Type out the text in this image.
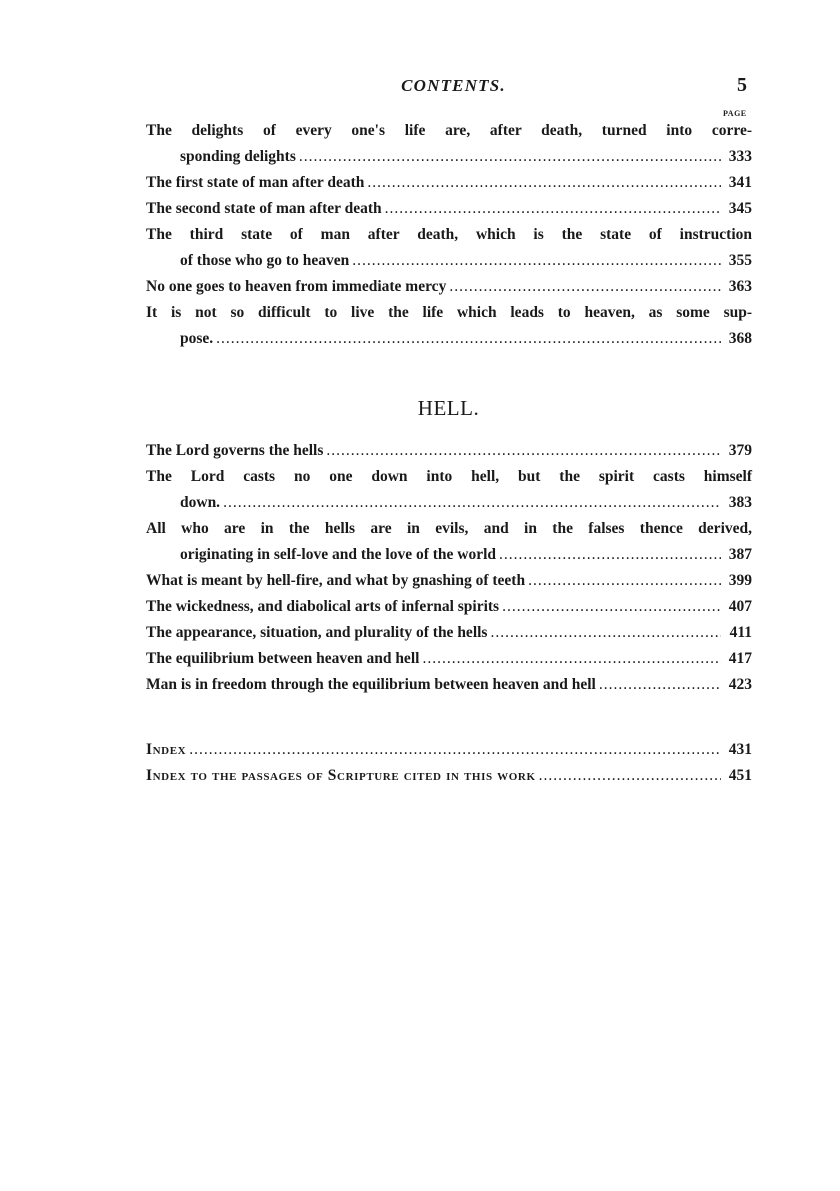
CONTENTS.	5
PAGE
The delights of every one's life are, after death, turned into corre-
sponding delights .....	333
The first state of man after death .....	341
The second state of man after death .....	345
The third state of man after death, which is the state of instruction
of those who go to heaven .....	355
No one goes to heaven from immediate mercy .....	363
It is not so difficult to live the life which leads to heaven, as some sup-
pose. .....	368
HELL.
The Lord governs the hells .....	379
The Lord casts no one down into hell, but the spirit casts himself
down. .....	383
All who are in the hells are in evils, and in the falses thence derived,
originating in self-love and the love of the world .....	387
What is meant by hell-fire, and what by gnashing of teeth .....	399
The wickedness, and diabolical arts of infernal spirits .....	407
The appearance, situation, and plurality of the hells .....	411
The equilibrium between heaven and hell .....	417
Man is in freedom through the equilibrium between heaven and hell .....	423
Index .....	431
Index to the passages of Scripture cited in this work .....	451
